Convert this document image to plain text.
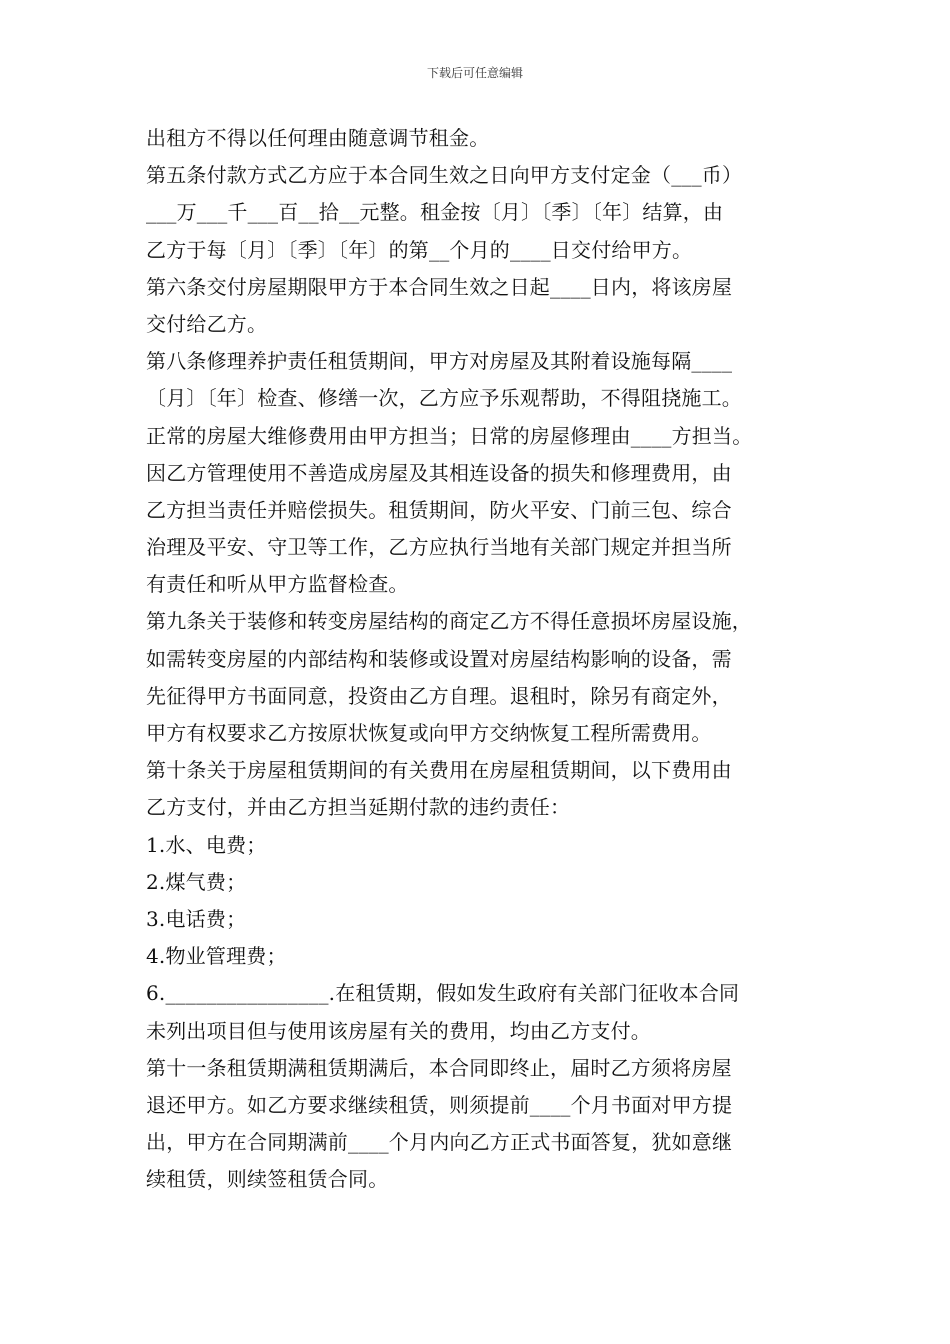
下载后可任意编辑
出租方不得以任何理由随意调节租金。
第五条付款方式乙方应于本合同生效之日向甲方支付定金（___币）
___万___千___百__拾__元整。租金按〔月〕〔季〕〔年〕结算，由
乙方于每〔月〕〔季〕〔年〕的第__个月的____日交付给甲方。
第六条交付房屋期限甲方于本合同生效之日起____日内，将该房屋
交付给乙方。
第八条修理养护责任租赁期间，甲方对房屋及其附着设施每隔____
〔月〕〔年〕检查、修缮一次，乙方应予乐观帮助，不得阻挠施工。
正常的房屋大维修费用由甲方担当；日常的房屋修理由____方担当。
因乙方管理使用不善造成房屋及其相连设备的损失和修理费用，由
乙方担当责任并赔偿损失。租赁期间，防火平安、门前三包、综合
治理及平安、守卫等工作，乙方应执行当地有关部门规定并担当所
有责任和听从甲方监督检查。
第九条关于装修和转变房屋结构的商定乙方不得任意损坏房屋设施，
如需转变房屋的内部结构和装修或设置对房屋结构影响的设备，需
先征得甲方书面同意，投资由乙方自理。退租时，除另有商定外，
甲方有权要求乙方按原状恢复或向甲方交纳恢复工程所需费用。
第十条关于房屋租赁期间的有关费用在房屋租赁期间，以下费用由
乙方支付，并由乙方担当延期付款的违约责任：
1.水、电费；
2.煤气费；
3.电话费；
4.物业管理费；
6.________________.在租赁期，假如发生政府有关部门征收本合同
未列出项目但与使用该房屋有关的费用，均由乙方支付。
第十一条租赁期满租赁期满后，本合同即终止，届时乙方须将房屋
退还甲方。如乙方要求继续租赁，则须提前____个月书面对甲方提
出，甲方在合同期满前____个月内向乙方正式书面答复，犹如意继
续租赁，则续签租赁合同。
